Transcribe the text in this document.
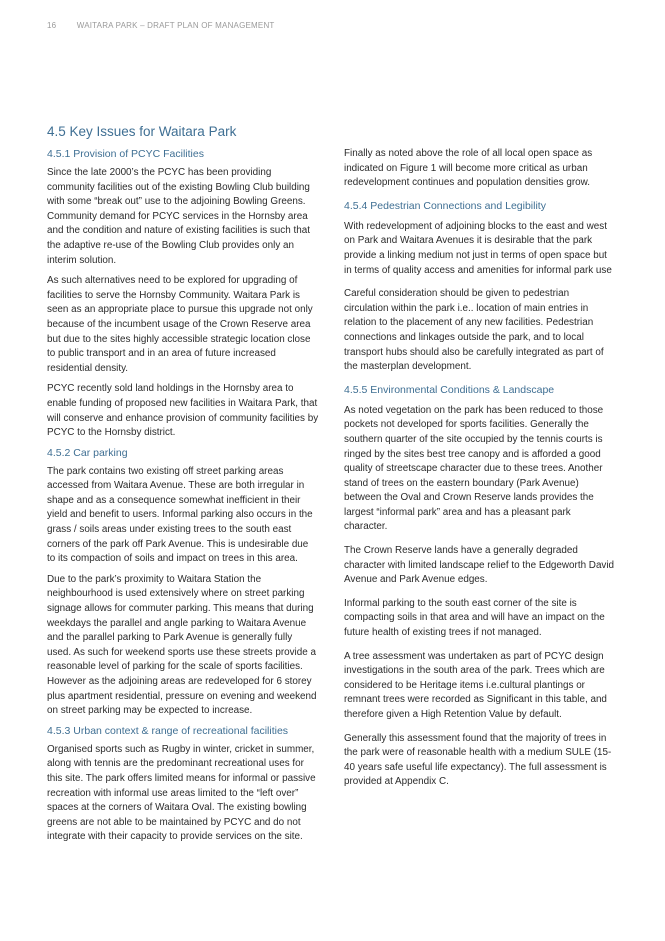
16	WAITARA PARK – DRAFT PLAN OF MANAGEMENT
4.5 Key Issues for Waitara Park
4.5.1 Provision of PCYC Facilities

Since the late 2000’s the PCYC has been providing community facilities out of the existing Bowling Club building with some “break out” use to the adjoining Bowling Greens. Community demand for PCYC services in the Hornsby area and the condition and nature of existing facilities is such that the adaptive re-use of the Bowling Club provides only an interim solution.

As such alternatives need to be explored for upgrading of facilities to serve the Hornsby Community. Waitara Park is seen as an appropriate place to pursue this upgrade not only because of the incumbent usage of the Crown Reserve area but due to the sites highly accessible strategic location close to public transport and in an area of future increased residential density.

PCYC recently sold land holdings in the Hornsby area to enable funding of proposed new facilities in Waitara Park, that will conserve and enhance provision of community facilities by PCYC to the Hornsby district.

4.5.2 Car parking

The park contains two existing off street parking areas accessed from Waitara Avenue. These are both irregular in shape and as a consequence somewhat inefficient in their yield and benefit to users. Informal parking also occurs in the grass / soils areas under existing trees to the south east corners of the park off Park Avenue. This is undesirable due to its compaction of soils and impact on trees in this area.

Due to the park’s proximity to Waitara Station the neighbourhood is used extensively where on street parking signage allows for commuter parking. This means that during weekdays the parallel and angle parking to Waitara Avenue and the parallel parking to Park Avenue is generally fully used. As such for weekend sports use these streets provide a reasonable level of parking for the scale of sports facilities. However as the adjoining areas are redeveloped for 6 storey plus apartment residential, pressure on evening and weekend on street parking may be expected to increase.

4.5.3 Urban context & range of recreational facilities

Organised sports such as Rugby in winter, cricket in summer, along with tennis are the predominant recreational uses for this site. The park offers limited means for informal or passive recreation with informal use areas limited to the “left over” spaces at the corners of Waitara Oval. The existing bowling greens are not able to be maintained by PCYC and do not integrate with their capacity to provide services on the site.

Finally as noted above the role of all local open space as indicated on Figure 1 will become more critical as urban redevelopment continues and population densities grow.

4.5.4 Pedestrian Connections and Legibility

With redevelopment of adjoining blocks to the east and west on Park and Waitara Avenues it is desirable that the park provide a linking medium not just in terms of open space but in terms of quality access and amenities for informal park use

Careful consideration should be given to pedestrian circulation within the park i.e.. location of main entries in relation to the placement of any new facilities. Pedestrian connections and linkages outside the park, and to local transport hubs should also be carefully integrated as part of the masterplan development.

4.5.5 Environmental Conditions & Landscape

As noted vegetation on the park has been reduced to those pockets not developed for sports facilities. Generally the southern quarter of the site occupied by the tennis courts is ringed by the sites best tree canopy and is afforded a good quality of streetscape character due to these trees. Another stand of trees on the eastern boundary (Park Avenue) between the Oval and Crown Reserve lands provides the largest “informal park” area and has a pleasant park character.

The Crown Reserve lands have a generally degraded character with limited landscape relief to the Edgeworth David Avenue and Park Avenue edges.

Informal parking to the south east corner of the site is compacting soils in that area and will have an impact on the future health of existing trees if not managed.

A tree assessment was undertaken as part of PCYC design investigations in the south area of the park. Trees which are considered to be Heritage items i.e.cultural plantings or remnant trees were recorded as Significant in this table, and therefore given a High Retention Value by default.

Generally this assessment found that the majority of trees in the park were of reasonable health with a medium SULE (15-40 years safe useful life expectancy). The full assessment is provided at Appendix C.
